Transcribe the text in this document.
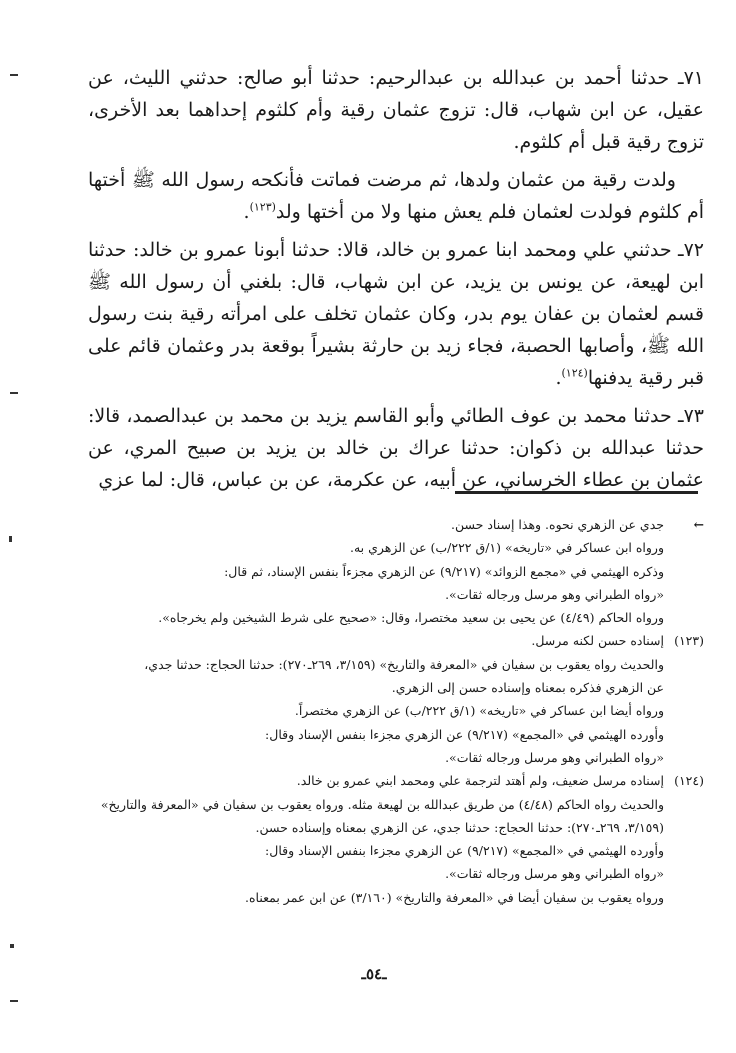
٧١ـ حدثنا أحمد بن عبدالله بن عبدالرحيم: حدثنا أبو صالح: حدثني الليث، عن عقيل، عن ابن شهاب، قال: تزوج عثمان رقية وأم كلثوم إحداهما بعد الأخرى، تزوج رقية قبل أم كلثوم.

ولدت رقية من عثمان ولدها، ثم مرضت فماتت فأنكحه رسول الله ﷺ أختها أم كلثوم فولدت لعثمان فلم يعش منها ولا من أختها ولد$^{(١٢٣)}$.

٧٢ـ حدثني علي ومحمد ابنا عمرو بن خالد، قالا: حدثنا أبونا عمرو بن خالد: حدثنا ابن لهيعة، عن يونس بن يزيد، عن ابن شهاب، قال: بلغني أن رسول الله ﷺ قسم لعثمان بن عفان يوم بدر، وكان عثمان تخلف على امرأته رقية بنت رسول الله ﷺ، وأصابها الحصبة، فجاء زيد بن حارثة بشيراً بوقعة بدر وعثمان قائم على قبر رقية يدفنها$^{(١٢٤)}$.

٧٣ـ حدثنا محمد بن عوف الطائي وأبو القاسم يزيد بن محمد بن عبدالصمد، قالا: حدثنا عبدالله بن ذكوان: حدثنا عراك بن خالد بن يزيد بن صبيح المري، عن عثمان بن عطاء الخرساني، عن أبيه، عن عكرمة، عن بن عباس، قال: لما عزي

←جدي عن الزهري نحوه. وهذا إسناد حسن.
ورواه ابن عساكر في «تاريخه» (١/ق ٢٢٢/ب) عن الزهري به.
وذكره الهيثمي في «مجمع الزوائد» (٩/٢١٧) عن الزهري مجزءاً بنفس الإسناد، ثم قال:
«رواه الطبراني وهو مرسل ورجاله ثقات».
ورواه الحاكم (٤/٤٩) عن يحيى بن سعيد مختصرا، وقال: «صحيح على شرط الشيخين ولم يخرجاه».
(١٢٣)إسناده حسن لكنه مرسل.
والحديث رواه يعقوب بن سفيان في «المعرفة والتاريخ» (٣/١٥٩، ٢٦٩ـ٢٧٠): حدثنا الحجاج: حدثنا جدي،
عن الزهري فذكره بمعناه وإسناده حسن إلى الزهري.
ورواه أيضا ابن عساكر في «تاريخه» (١/ق ٢٢٢/ب) عن الزهري مختصراً.
وأورده الهيثمي في «المجمع» (٩/٢١٧) عن الزهري مجزءا بنفس الإسناد وقال:
«رواه الطبراني وهو مرسل ورجاله ثقات».
(١٢٤)إسناده مرسل ضعيف، ولم أهتد لترجمة علي ومحمد ابني عمرو بن خالد.
والحديث رواه الحاكم (٤/٤٨) من طريق عبدالله بن لهيعة مثله. ورواه يعقوب بن سفيان في «المعرفة والتاريخ»
(٣/١٥٩، ٢٦٩ـ٢٧٠): حدثنا الحجاج: حدثنا جدي، عن الزهري بمعناه وإسناده حسن.
وأورده الهيثمي في «المجمع» (٩/٢١٧) عن الزهري مجزءا بنفس الإسناد وقال:
«رواه الطبراني وهو مرسل ورجاله ثقات».
ورواه يعقوب بن سفيان أيضا في «المعرفة والتاريخ» (٣/١٦٠) عن ابن عمر بمعناه.
ـ٥٤ـ
